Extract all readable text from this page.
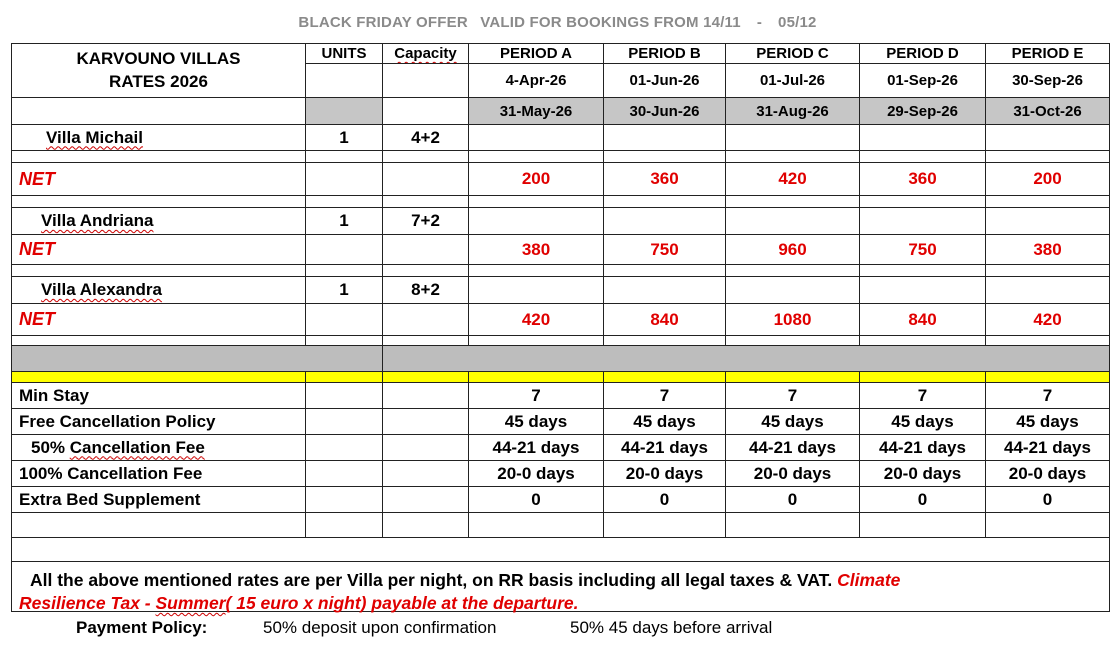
BLACK FRIDAY OFFER VALID FOR BOOKINGS FROM 14/11 - 05/12
KARVOUNO VILLAS
RATES 2026	UNITS	Capacity	PERIOD A	PERIOD B	PERIOD C	PERIOD D	PERIOD E
			4-Apr-26	01-Jun-26	01-Jul-26	01-Sep-26	30-Sep-26
			31-May-26	30-Jun-26	31-Aug-26	29-Sep-26	31-Oct-26
Villa Michail	1	4+2					

NET			200	360	420	360	200

Villa Andriana	1	7+2					
NET			380	750	960	750	380

Villa Alexandra	1	8+2					
NET			420	840	1080	840	420

Min Stay			7	7	7	7	7
Free Cancellation Policy			45 days	45 days	45 days	45 days	45 days
50% Cancellation Fee			44-21 days	44-21 days	44-21 days	44-21 days	44-21 days
100% Cancellation Fee			20-0 days	20-0 days	20-0 days	20-0 days	20-0 days
Extra Bed Supplement			0	0	0	0	0

All the above mentioned rates are per Villa per night, on RR basis including all legal taxes & VAT. Climate
Resilience Tax - Summer( 15 euro x night) payable at the departure.
Payment Policy:	50% deposit upon confirmation	50% 45 days before arrival
